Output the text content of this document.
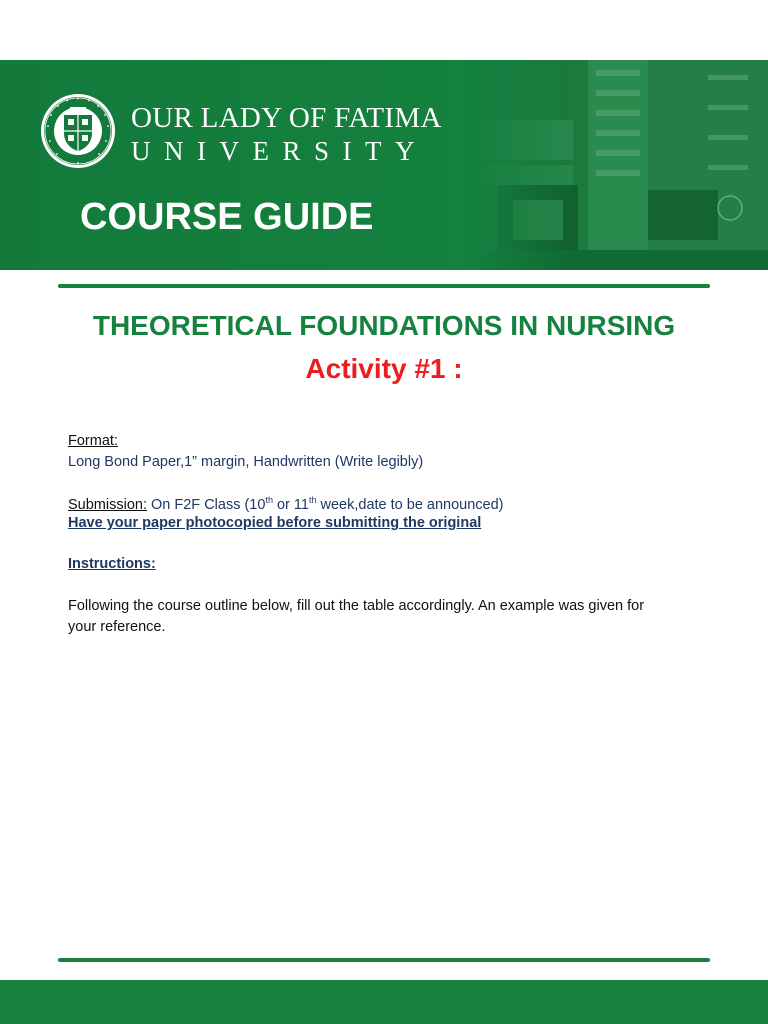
OUR LADY OF FATIMA
UNIVERSITY
COURSE GUIDE
THEORETICAL FOUNDATIONS IN NURSING
Activity #1 :
Format:
Long Bond Paper,1” margin, Handwritten (Write legibly)
Submission: On F2F Class (10th or 11th week,date to be announced)
Have your paper photocopied before submitting the original
Instructions:
Following the course outline below, fill out the table accordingly. An example was given for
your reference.
